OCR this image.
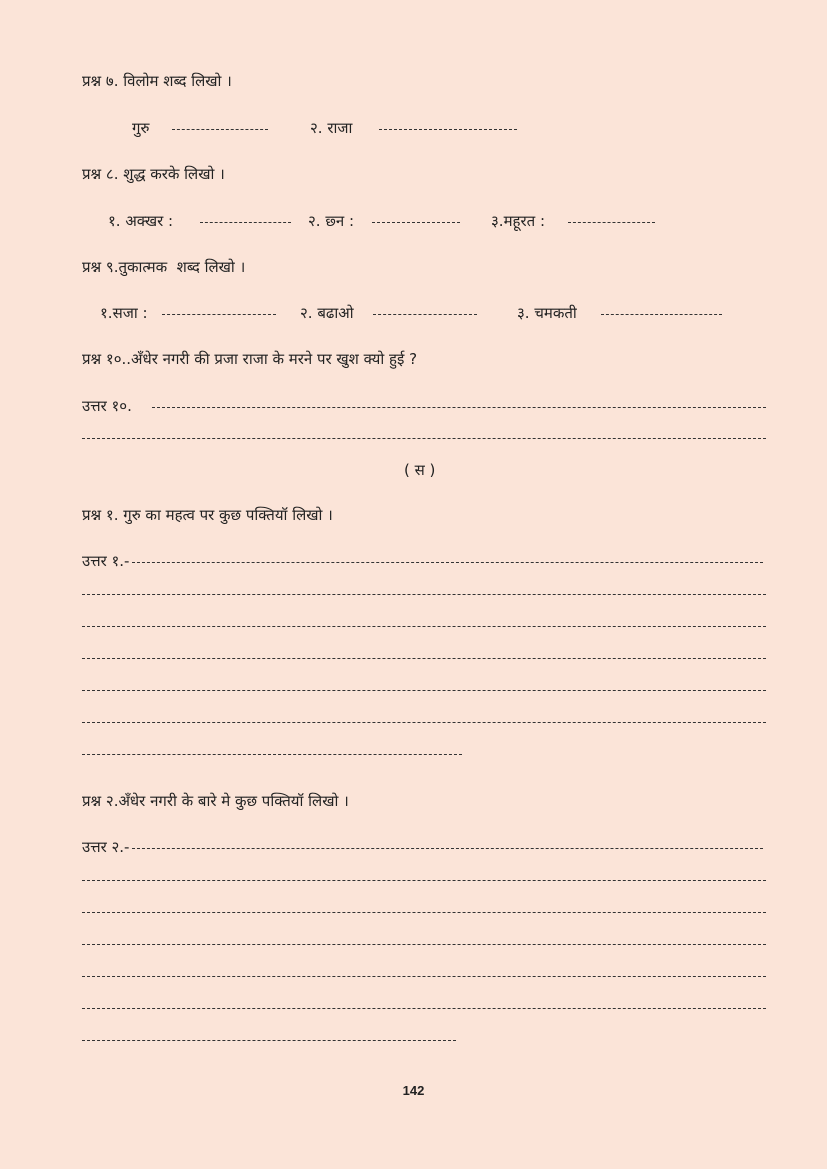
प्रश्न ७. विलोम शब्द लिखो ।
गुरु	२. राजा
प्रश्न ८. शुद्ध करके लिखो ।
१. अक्खर :	२. छ्न :	३.महूरत :
प्रश्न ९.तुकात्मक  शब्द लिखो ।
१.सजा :	२. बढाओ	३. चमकती
प्रश्न १०..अँधेर नगरी की प्रजा राजा के मरने पर खुश क्यो हुई ?
उत्तर १०.
( स )
प्रश्न १. गुरु का महत्व पर कुछ पक्तियॉ लिखो ।
उत्तर १.-
प्रश्न २.अँधेर नगरी के बारे मे कुछ पक्तियॉ लिखो ।
उत्तर २.-
142
